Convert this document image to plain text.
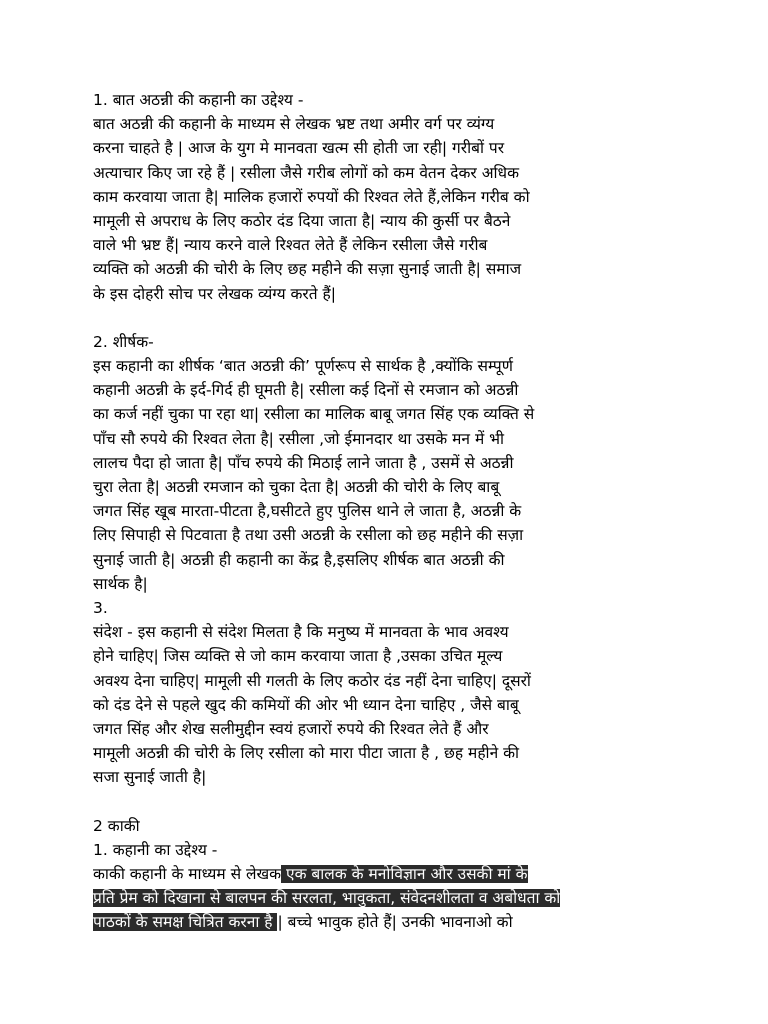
1. बात अठन्नी की कहानी का उद्देश्य -
बात अठन्नी की कहानी के माध्यम से लेखक भ्रष्ट तथा अमीर वर्ग पर व्यंग्य
करना चाहते है | आज के युग मे मानवता खत्म सी होती जा रही| गरीबों पर
अत्याचार किए जा रहे हैं | रसीला जैसे गरीब लोगों को कम वेतन देकर अधिक
काम करवाया जाता है| मालिक हजारों रुपयों की रिश्वत लेते हैं,लेकिन गरीब को
मामूली से अपराध के लिए कठोर दंड दिया जाता है| न्याय की कुर्सी पर बैठने
वाले भी भ्रष्ट हैं| न्याय करने वाले रिश्वत लेते हैं लेकिन रसीला जैसे गरीब
व्यक्ति को अठन्नी की चोरी के लिए छह महीने की सज़ा सुनाई जाती है| समाज
के इस दोहरी सोच पर लेखक व्यंग्य करते हैं|
2. शीर्षक-
इस कहानी का शीर्षक ‘बात अठन्नी की’ पूर्णरूप से सार्थक है ,क्योंकि सम्पूर्ण
कहानी अठन्नी के इर्द-गिर्द ही घूमती है| रसीला कई दिनों से रमजान को अठन्नी
का कर्ज नहीं चुका पा रहा था| रसीला का मालिक बाबू जगत सिंह एक व्यक्ति से
पाँच सौ रुपये की रिश्वत लेता है| रसीला ,जो ईमानदार था उसके मन में भी
लालच पैदा हो जाता है| पाँच रुपये की मिठाई लाने जाता है , उसमें से अठन्नी
चुरा लेता है| अठन्नी रमजान को चुका देता है| अठन्नी की चोरी के लिए बाबू
जगत सिंह खूब मारता-पीटता है,घसीटते हुए पुलिस थाने ले जाता है, अठन्नी के
लिए सिपाही से पिटवाता है तथा उसी अठन्नी के रसीला को छह महीने की सज़ा
सुनाई जाती है| अठन्नी ही कहानी का केंद्र है,इसलिए शीर्षक बात अठन्नी की
सार्थक है|
3.
संदेश - इस कहानी से संदेश मिलता है कि मनुष्य में मानवता के भाव अवश्य
होने चाहिए| जिस व्यक्ति से जो काम करवाया जाता है ,उसका उचित मूल्य
अवश्य देना चाहिए| मामूली सी गलती के लिए कठोर दंड नहीं देना चाहिए| दूसरों
को दंड देने से पहले खुद की कमियों की ओर भी ध्यान देना चाहिए , जैसे बाबू
जगत सिंह और शेख सलीमुद्दीन स्वयं हजारों रुपये की रिश्वत लेते हैं और
मामूली अठन्नी की चोरी के लिए रसीला को मारा पीटा जाता है , छह महीने की
सजा सुनाई जाती है|
2 काकी
1. कहानी का उद्देश्य -
काकी कहानी के माध्यम से लेखक एक बालक के मनोविज्ञान और उसकी मां के
प्रति प्रेम को दिखाना से बालपन की सरलता, भावुकता, संवेदनशीलता व अबोधता को
पाठकों के समक्ष चित्रित करना है | बच्चे भावुक होते हैं| उनकी भावनाओ को
